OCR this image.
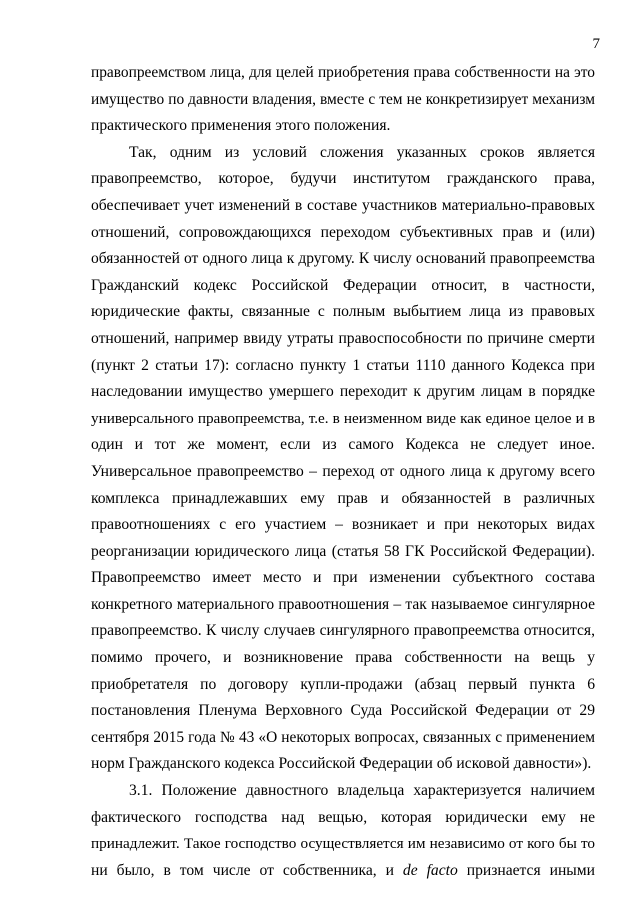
7
правопреемством лица, для целей приобретения права собственности на это
имущество по давности владения, вместе с тем не конкретизирует механизм
практического применения этого положения.
Так, одним из условий сложения указанных сроков является
правопреемство, которое, будучи институтом гражданского права,
обеспечивает учет изменений в составе участников материально-правовых
отношений, сопровождающихся переходом субъективных прав и (или)
обязанностей от одного лица к другому. К числу оснований правопреемства
Гражданский кодекс Российской Федерации относит, в частности,
юридические факты, связанные с полным выбытием лица из правовых
отношений, например ввиду утраты правоспособности по причине смерти
(пункт 2 статьи 17): согласно пункту 1 статьи 1110 данного Кодекса при
наследовании имущество умершего переходит к другим лицам в порядке
универсального правопреемства, т.е. в неизменном виде как единое целое и в
один и тот же момент, если из самого Кодекса не следует иное.
Универсальное правопреемство – переход от одного лица к другому всего
комплекса принадлежавших ему прав и обязанностей в различных
правоотношениях с его участием – возникает и при некоторых видах
реорганизации юридического лица (статья 58 ГК Российской Федерации).
Правопреемство имеет место и при изменении субъектного состава
конкретного материального правоотношения – так называемое сингулярное
правопреемство. К числу случаев сингулярного правопреемства относится,
помимо прочего, и возникновение права собственности на вещь у
приобретателя по договору купли-продажи (абзац первый пункта 6
постановления Пленума Верховного Суда Российской Федерации от 29
сентября 2015 года № 43 «О некоторых вопросах, связанных с применением
норм Гражданского кодекса Российской Федерации об исковой давности»).
3.1. Положение давностного владельца характеризуется наличием
фактического господства над вещью, которая юридически ему не
принадлежит. Такое господство осуществляется им независимо от кого бы то
ни было, в том числе от собственника, и de facto признается иными
